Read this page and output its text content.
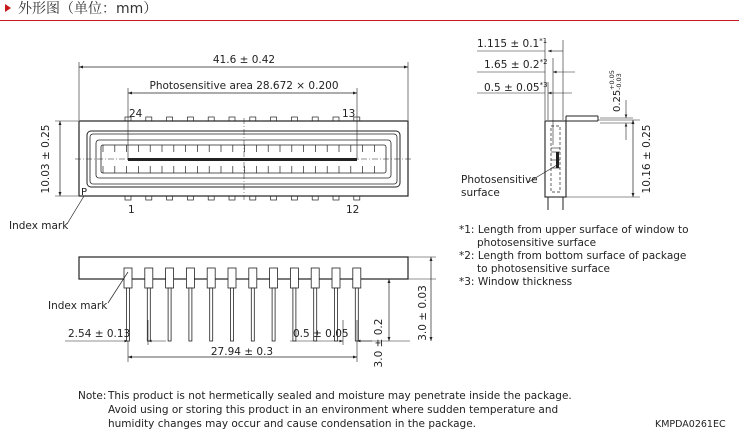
外形图（单位：mm）
41.6 ± 0.42
Photosensitive area 28.672 × 0.200
10.03 ± 0.25
24	13
1	12
P
Index mark
$1.115 \pm 0.1^{*1}$
$1.65 \pm 0.2^{*2}$
$0.5 \pm 0.05^{*3}$
0.25
+0.05 -0.03
10.16 ± 0.25
Photosensitive
surface
Index mark
2.54 ± 0.13	0.5 ± 0.05
27.94 ± 0.3
3.0 ± 0.03
3.0 ± 0.2
*1: Length from upper surface of window to
photosensitive surface
*2: Length from bottom surface of package
to photosensitive surface
*3: Window thickness
Note: This product is not hermetically sealed and moisture may penetrate inside the package.
Avoid using or storing this product in an environment where sudden temperature and
humidity changes may occur and cause condensation in the package.	KMPDA0261EC
